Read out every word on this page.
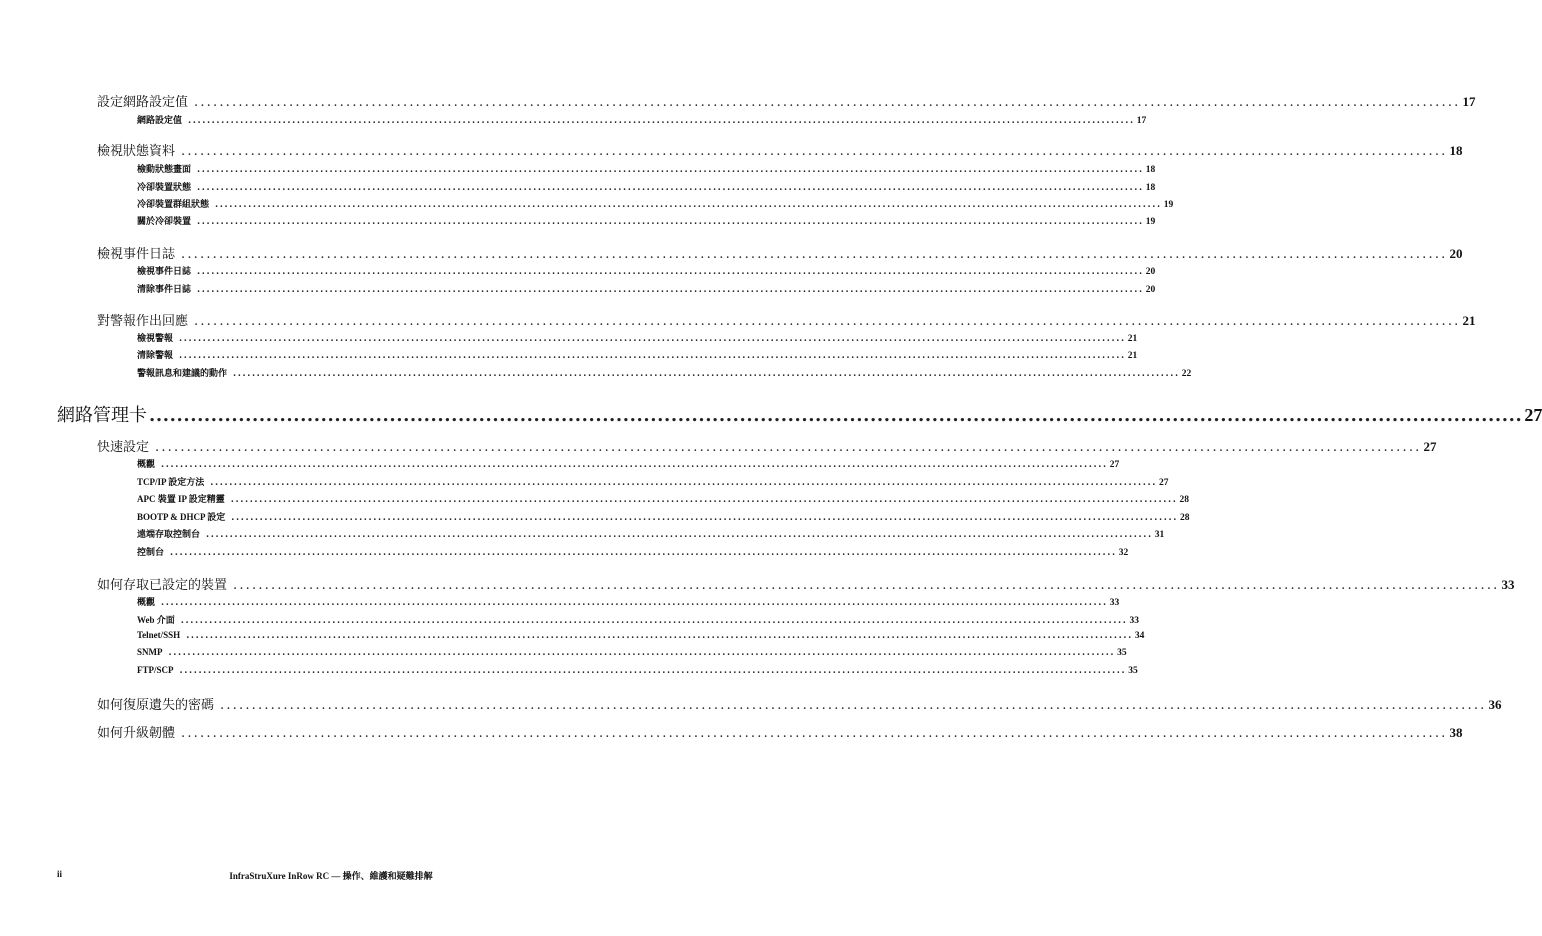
設定網路設定值 ........................................................................................................................................................................................................ 17
網路設定值 ........................................................................................................................................................................................................ 17
檢視狀態資料 ........................................................................................................................................................................................................ 18
檢動狀態畫面 ........................................................................................................................................................................................................ 18
冷卻裝置狀態 ........................................................................................................................................................................................................ 18
冷卻裝置群組狀態 ........................................................................................................................................................................................................ 19
關於冷卻裝置 ........................................................................................................................................................................................................ 19
檢視事件日誌 ........................................................................................................................................................................................................ 20
檢視事件日誌 ........................................................................................................................................................................................................ 20
清除事件日誌 ........................................................................................................................................................................................................ 20
對警報作出回應 ........................................................................................................................................................................................................ 21
檢視警報 ........................................................................................................................................................................................................ 21
清除警報 ........................................................................................................................................................................................................ 21
警報訊息和建議的動作 ........................................................................................................................................................................................................ 22
網路管理卡 ........................................................................................................................................................................................................ 27
快速設定 ........................................................................................................................................................................................................ 27
概觀 ........................................................................................................................................................................................................ 27
TCP/IP 設定方法 ........................................................................................................................................................................................................ 27
APC 裝置 IP 設定精靈 ........................................................................................................................................................................................................ 28
BOOTP & DHCP 設定 ........................................................................................................................................................................................................ 28
遠端存取控制台 ........................................................................................................................................................................................................ 31
控制台 ........................................................................................................................................................................................................ 32
如何存取已設定的裝置 ........................................................................................................................................................................................................ 33
概觀 ........................................................................................................................................................................................................ 33
Web 介面 ........................................................................................................................................................................................................ 33
Telnet/SSH ........................................................................................................................................................................................................ 34
SNMP ........................................................................................................................................................................................................ 35
FTP/SCP ........................................................................................................................................................................................................ 35
如何復原遺失的密碼 ........................................................................................................................................................................................................ 36
如何升級韌體 ........................................................................................................................................................................................................ 38
ii	InfraStruXure InRow RC — 操作、維護和疑難排解
